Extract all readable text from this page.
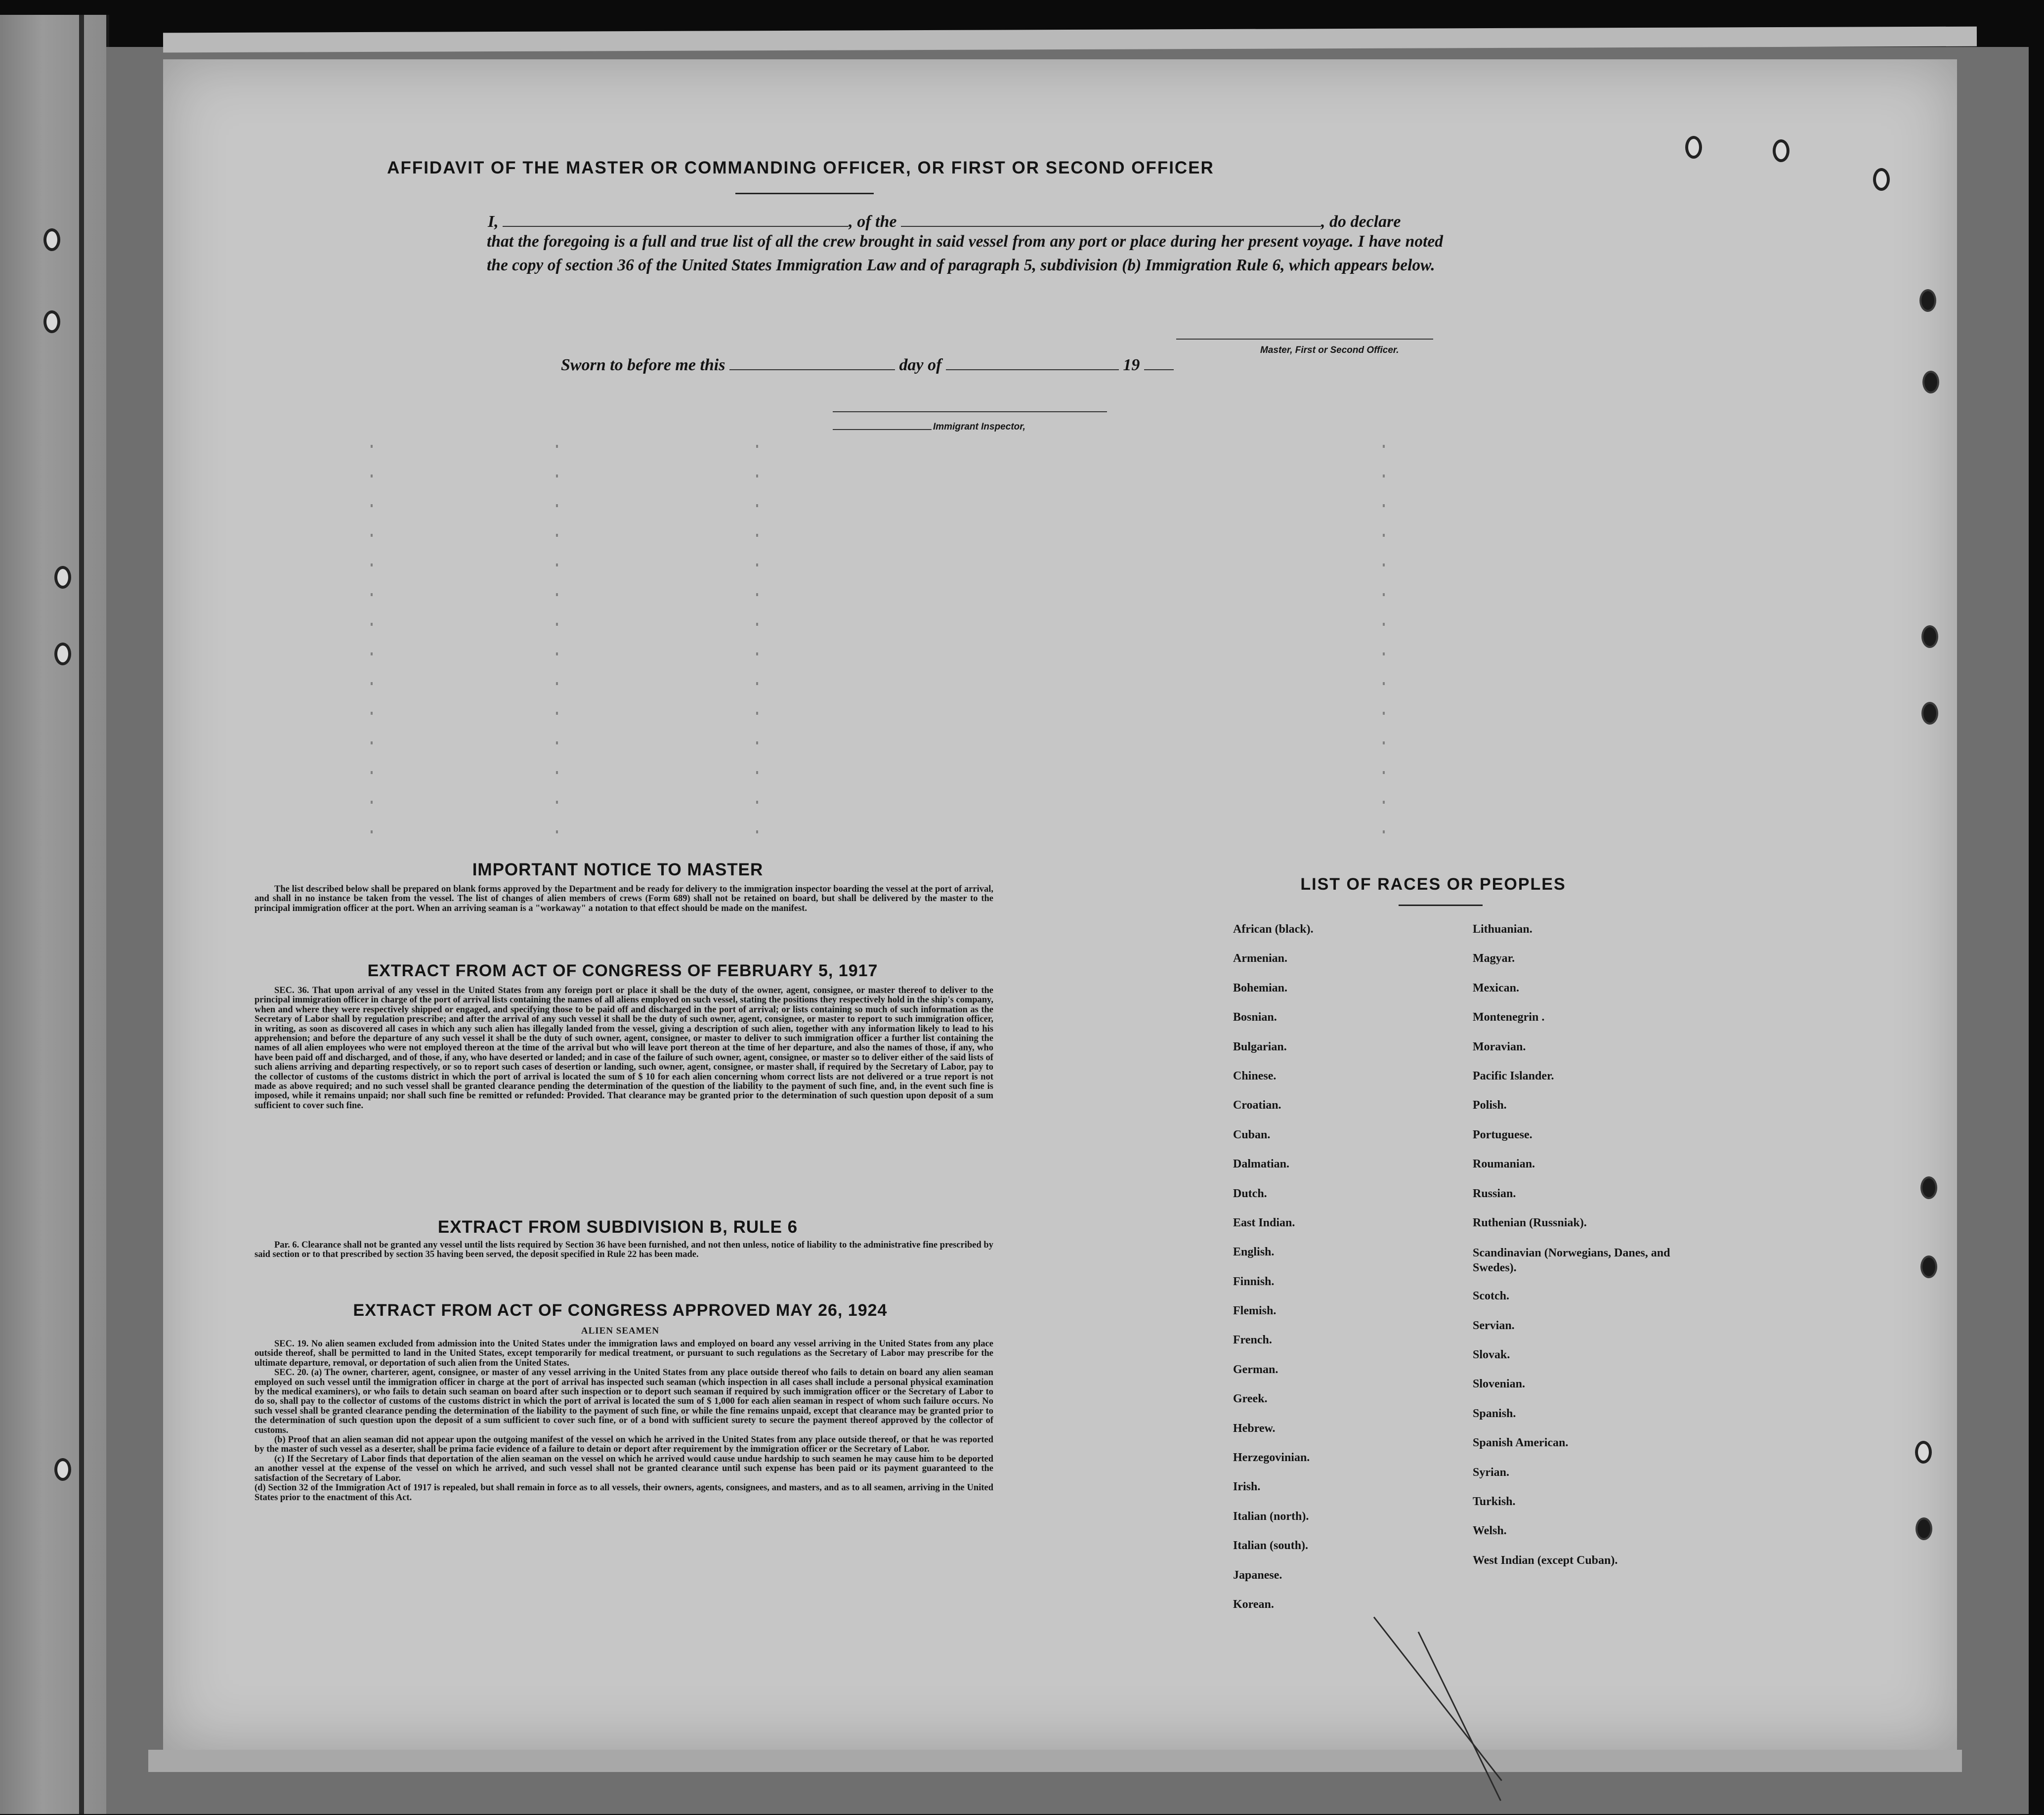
AFFIDAVIT OF THE MASTER OR COMMANDING OFFICER, OR FIRST OR SECOND OFFICER
I,	, of the	, do declare
that the foregoing is a full and true list of all the crew brought in said vessel from any port or place during her present voyage. I have noted the copy of section 36 of the United States Immigration Law and of paragraph 5, subdivision (b) Immigration Rule 6, which appears below.
Master, First or Second Officer.
Sworn to before me this	day of	19
Immigrant Inspector,
IMPORTANT NOTICE TO MASTER

The list described below shall be prepared on blank forms approved by the Department and be ready for delivery to the immigration inspector boarding the vessel at the port of arrival, and shall in no instance be taken from the vessel. The list of changes of alien members of crews (Form 689) shall not be retained on board, but shall be delivered by the master to the principal immigration officer at the port. When an arriving seaman is a "workaway" a notation to that effect should be made on the manifest.

EXTRACT FROM ACT OF CONGRESS OF FEBRUARY 5, 1917

SEC. 36. That upon arrival of any vessel in the United States from any foreign port or place it shall be the duty of the owner, agent, consignee, or master thereof to deliver to the principal immigration officer in charge of the port of arrival lists containing the names of all aliens employed on such vessel, stating the positions they respectively hold in the ship's company, when and where they were respectively shipped or engaged, and specifying those to be paid off and discharged in the port of arrival; or lists containing so much of such information as the Secretary of Labor shall by regulation prescribe; and after the arrival of any such vessel it shall be the duty of such owner, agent, consignee, or master to report to such immigration officer, in writing, as soon as discovered all cases in which any such alien has illegally landed from the vessel, giving a description of such alien, together with any information likely to lead to his apprehension; and before the departure of any such vessel it shall be the duty of such owner, agent, consignee, or master to deliver to such immigration officer a further list containing the names of all alien employees who were not employed thereon at the time of the arrival but who will leave port thereon at the time of her departure, and also the names of those, if any, who have been paid off and discharged, and of those, if any, who have deserted or landed; and in case of the failure of such owner, agent, consignee, or master so to deliver either of the said lists of such aliens arriving and departing respectively, or so to report such cases of desertion or landing, such owner, agent, consignee, or master shall, if required by the Secretary of Labor, pay to the collector of customs of the customs district in which the port of arrival is located the sum of $ 10 for each alien concerning whom correct lists are not delivered or a true report is not made as above required; and no such vessel shall be granted clearance pending the determination of the question of the liability to the payment of such fine, and, in the event such fine is imposed, while it remains unpaid; nor shall such fine be remitted or refunded: Provided. That clearance may be granted prior to the determination of such question upon deposit of a sum sufficient to cover such fine.

EXTRACT FROM SUBDIVISION B, RULE 6

Par. 6. Clearance shall not be granted any vessel until the lists required by Section 36 have been furnished, and not then unless, notice of liability to the administrative fine prescribed by said section or to that prescribed by section 35 having been served, the deposit specified in Rule 22 has been made.

EXTRACT FROM ACT OF CONGRESS APPROVED MAY 26, 1924
ALIEN SEAMEN

SEC. 19. No alien seamen excluded from admission into the United States under the immigration laws and employed on board any vessel arriving in the United States from any place outside thereof, shall be permitted to land in the United States, except temporarily for medical treatment, or pursuant to such regulations as the Secretary of Labor may prescribe for the ultimate departure, removal, or deportation of such alien from the United States.

SEC. 20. (a) The owner, charterer, agent, consignee, or master of any vessel arriving in the United States from any place outside thereof who fails to detain on board any alien seaman employed on such vessel until the immigration officer in charge at the port of arrival has inspected such seaman (which inspection in all cases shall include a personal physical examination by the medical examiners), or who fails to detain such seaman on board after such inspection or to deport such seaman if required by such immigration officer or the Secretary of Labor to do so, shall pay to the collector of customs of the customs district in which the port of arrival is located the sum of $ 1,000 for each alien seaman in respect of whom such failure occurs. No such vessel shall be granted clearance pending the determination of the liability to the payment of such fine, or while the fine remains unpaid, except that clearance may be granted prior to the determination of such question upon the deposit of a sum sufficient to cover such fine, or of a bond with sufficient surety to secure the payment thereof approved by the collector of customs.

(b) Proof that an alien seaman did not appear upon the outgoing manifest of the vessel on which he arrived in the United States from any place outside thereof, or that he was reported by the master of such vessel as a deserter, shall be prima facie evidence of a failure to detain or deport after requirement by the immigration officer or the Secretary of Labor.

(c) If the Secretary of Labor finds that deportation of the alien seaman on the vessel on which he arrived would cause undue hardship to such seamen he may cause him to be deported an another vessel at the expense of the vessel on which he arrived, and such vessel shall not be granted clearance until such expense has been paid or its payment guaranteed to the satisfaction of the Secretary of Labor.

(d) Section 32 of the Immigration Act of 1917 is repealed, but shall remain in force as to all vessels, their owners, agents, consignees, and masters, and as to all seamen, arriving in the United States prior to the enactment of this Act.

LIST OF RACES OR PEOPLES
African (black).
Armenian.
Bohemian.
Bosnian.
Bulgarian.
Chinese.
Croatian.
Cuban.
Dalmatian.
Dutch.
East Indian.
English.
Finnish.
Flemish.
French.
German.
Greek.
Hebrew.
Herzegovinian.
Irish.
Italian (north).
Italian (south).
Japanese.
Korean.
Lithuanian.
Magyar.
Mexican.
Montenegrin .
Moravian.
Pacific Islander.
Polish.
Portuguese.
Roumanian.
Russian.
Ruthenian (Russniak).
Scandinavian (Norwegians, Danes, and Swedes).
Scotch.
Servian.
Slovak.
Slovenian.
Spanish.
Spanish American.
Syrian.
Turkish.
Welsh.
West Indian (except Cuban).
